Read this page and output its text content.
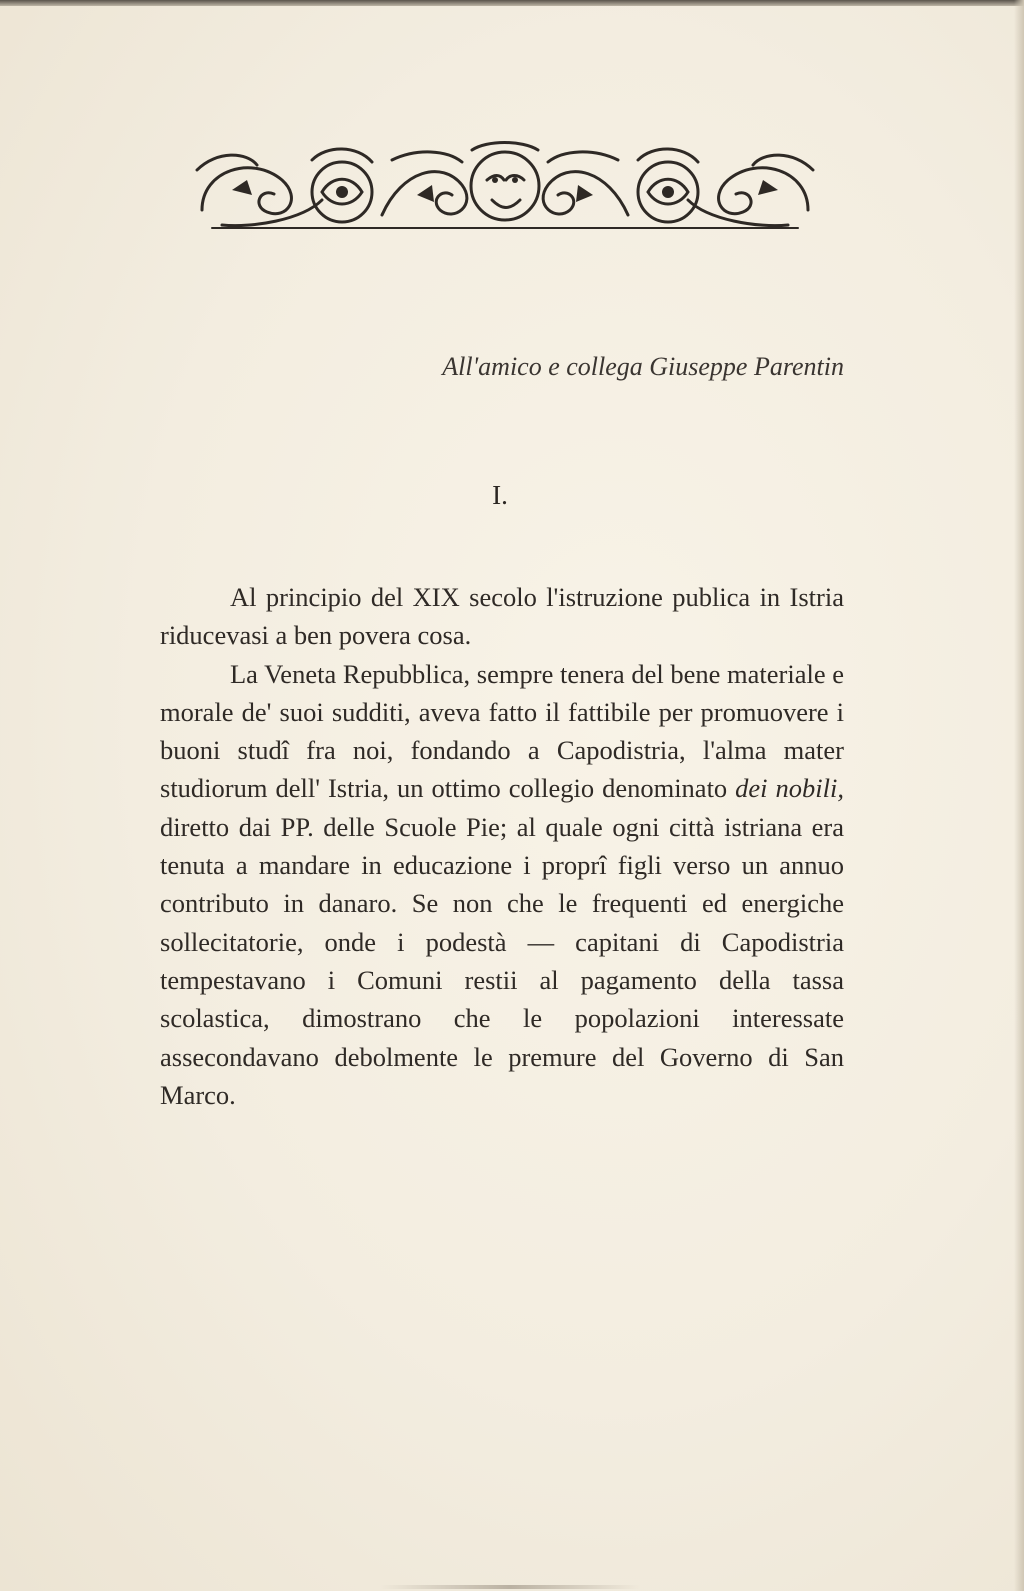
All'amico e collega Giuseppe Parentin
I.

Al principio del XIX secolo l'istruzione publica in Istria riducevasi a ben povera cosa.

La Veneta Repubblica, sempre tenera del bene materiale e morale de' suoi sudditi, aveva fatto il fattibile per promuovere i buoni studî fra noi, fondando a Capodistria, l'alma mater studiorum dell' Istria, un ottimo collegio denominato dei nobili, diretto dai PP. delle Scuole Pie; al quale ogni città istriana era tenuta a mandare in educazione i proprî figli verso un annuo contributo in danaro. Se non che le frequenti ed energiche sollecitatorie, onde i podestà — capitani di Capodistria tempestavano i Comuni restii al pagamento della tassa scolastica, dimostrano che le popolazioni interessate assecondavano debolmente le premure del Governo di San Marco.
